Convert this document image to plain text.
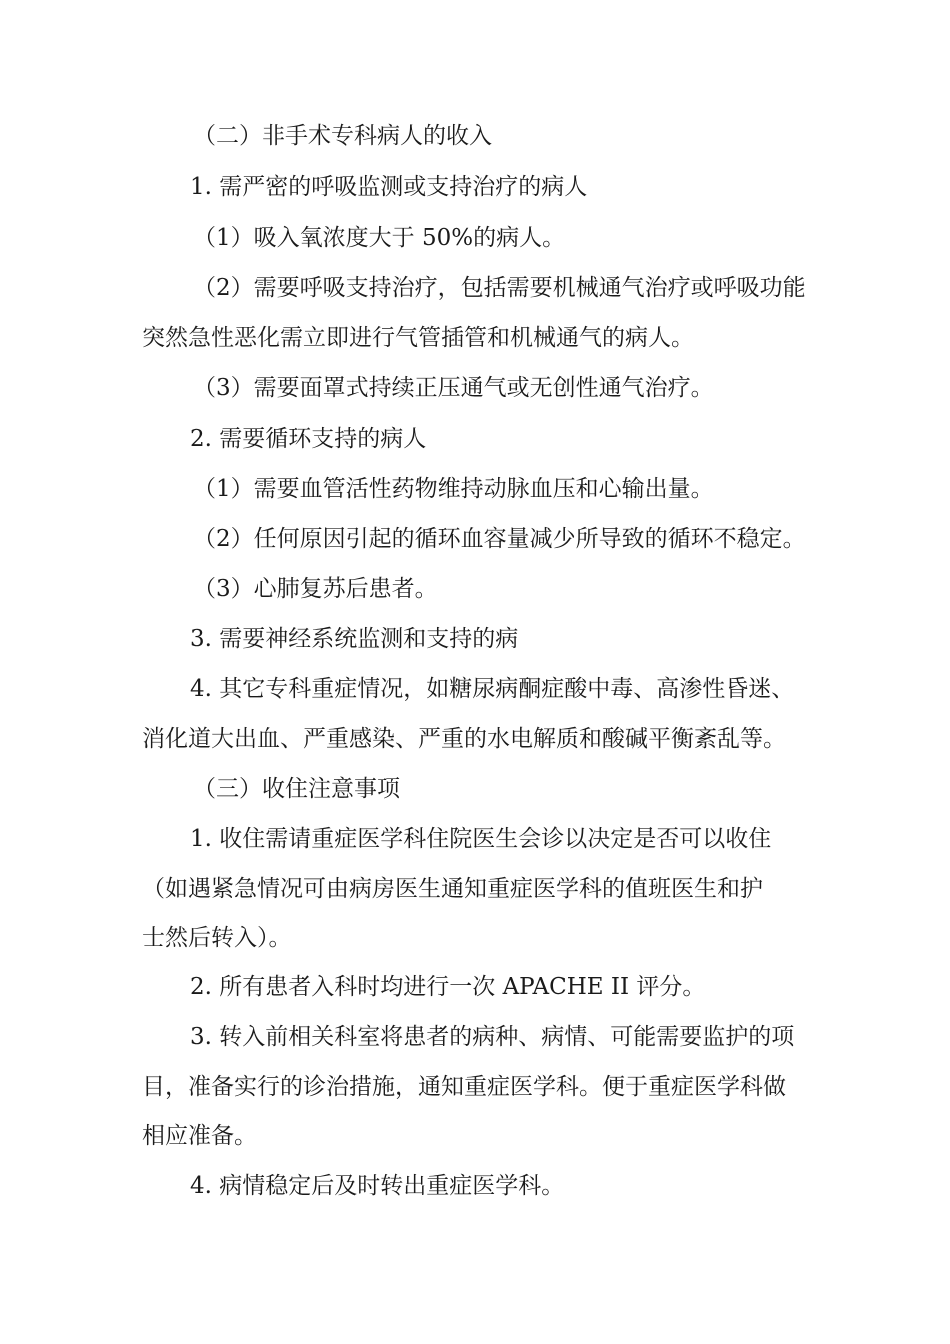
（二）非手术专科病人的收入
1. 需严密的呼吸监测或支持治疗的病人
（1）吸入氧浓度大于 50%的病人。
（2）需要呼吸支持治疗，包括需要机械通气治疗或呼吸功能
突然急性恶化需立即进行气管插管和机械通气的病人。
（3）需要面罩式持续正压通气或无创性通气治疗。
2. 需要循环支持的病人
（1）需要血管活性药物维持动脉血压和心输出量。
（2）任何原因引起的循环血容量减少所导致的循环不稳定。
（3）心肺复苏后患者。
3. 需要神经系统监测和支持的病
4. 其它专科重症情况，如糖尿病酮症酸中毒、高渗性昏迷、
消化道大出血、严重感染、严重的水电解质和酸碱平衡紊乱等。
（三）收住注意事项
1. 收住需请重症医学科住院医生会诊以决定是否可以收住
（如遇紧急情况可由病房医生通知重症医学科的值班医生和护
士然后转入）。
2. 所有患者入科时均进行一次 APACHE II 评分。
3. 转入前相关科室将患者的病种、病情、可能需要监护的项
目，准备实行的诊治措施，通知重症医学科。便于重症医学科做
相应准备。
4. 病情稳定后及时转出重症医学科。
